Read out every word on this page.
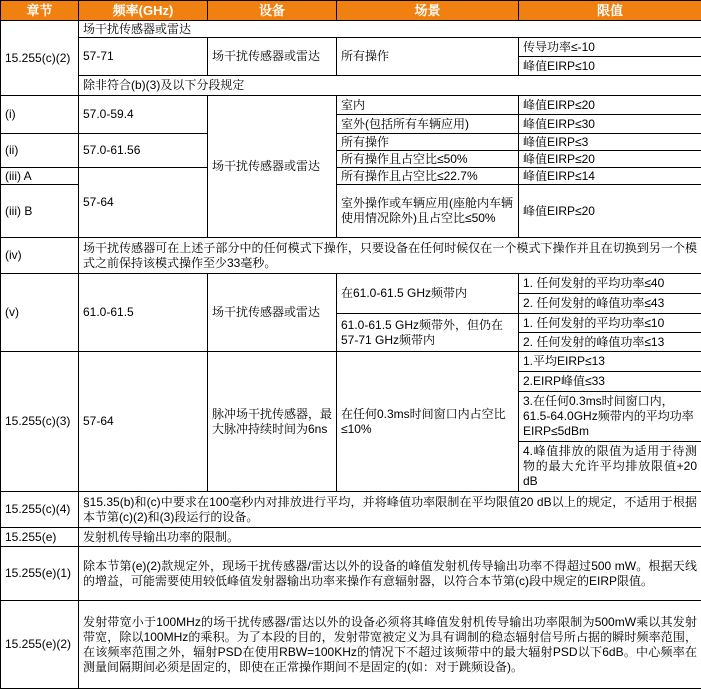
章节	频率(GHz)	设备	场景	限值
15.255(c)(2)	场干扰传感器或雷达			
	57-71	场干扰传感器或雷达	所有操作	传导功率≤-10
				峰值EIRP≤10
	除非符合(b)(3)及以下分段规定			
(i)	57.0-59.4	场干扰传感器或雷达	室内	峰值EIRP≤20
			室外(包括所有车辆应用)	峰值EIRP≤30
(ii)	57.0-61.56		所有操作	峰值EIRP≤3
			所有操作且占空比≤50%	峰值EIRP≤20
(iii) A	57-64		所有操作且占空比≤22.7%	峰值EIRP≤14
(iii) B			室外操作或车辆应用(座舱内车辆使用情况除外)且占空比≤50%	峰值EIRP≤20

(iv)	场干扰传感器可在上述子部分中的任何模式下操作，只要设备在任何时候仅在一个模式下操作并且在切换到另一个模式之前保持该模式操作至少33毫秒。			
(v)	61.0-61.5	场干扰传感器或雷达	在61.0-61.5 GHz频带内	1. 任何发射的平均功率≤40
				2. 任何发射的峰值功率≤43
			61.0-61.5 GHz频带外，但仍在57-71 GHz频带内	1. 任何发射的平均功率≤10
				2. 任何发射的峰值功率≤13
15.255(c)(3)	57-64	脉冲场干扰传感器，最大脉冲持续时间为6ns	在任何0.3ms时间窗口内占空比≤10%	1.平均EIRP≤13
				2.EIRP峰值≤33
				3.在任何0.3ms时间窗口内，61.5-64.0GHz频带内的平均功率EIRP≤5dBm
				4.峰值排放的限值为适用于待测物的最大允许平均排放限值+20 dB
15.255(c)(4)	§15.35(b)和(c)中要求在100毫秒内对排放进行平均，并将峰值功率限制在平均限值20 dB以上的规定，不适用于根据本节第(c)(2)和(3)段运行的设备。			
15.255(e)	发射机传导输出功率的限制。			
15.255(e)(1)	除本节第(e)(2)款规定外，现场干扰传感器/雷达以外的设备的峰值发射机传导输出功率不得超过500 mW。根据天线的增益，可能需要使用较低峰值发射器输出功率来操作有意辐射器，以符合本节第(c)段中规定的EIRP限值。			
15.255(e)(2)	发射带宽小于100MHz的场干扰传感器/雷达以外的设备必须将其峰值发射机传导输出功率限制为500mW乘以其发射带宽，除以100MHz的乘积。为了本段的目的，发射带宽被定义为具有调制的稳态辐射信号所占据的瞬时频率范围，在该频率范围之外，辐射PSD在使用RBW=100KHz的情况下不超过该频带中的最大辐射PSD以下6dB。中心频率在测量间隔期间必须是固定的，即使在正常操作期间不是固定的(如：对于跳频设备)。			
